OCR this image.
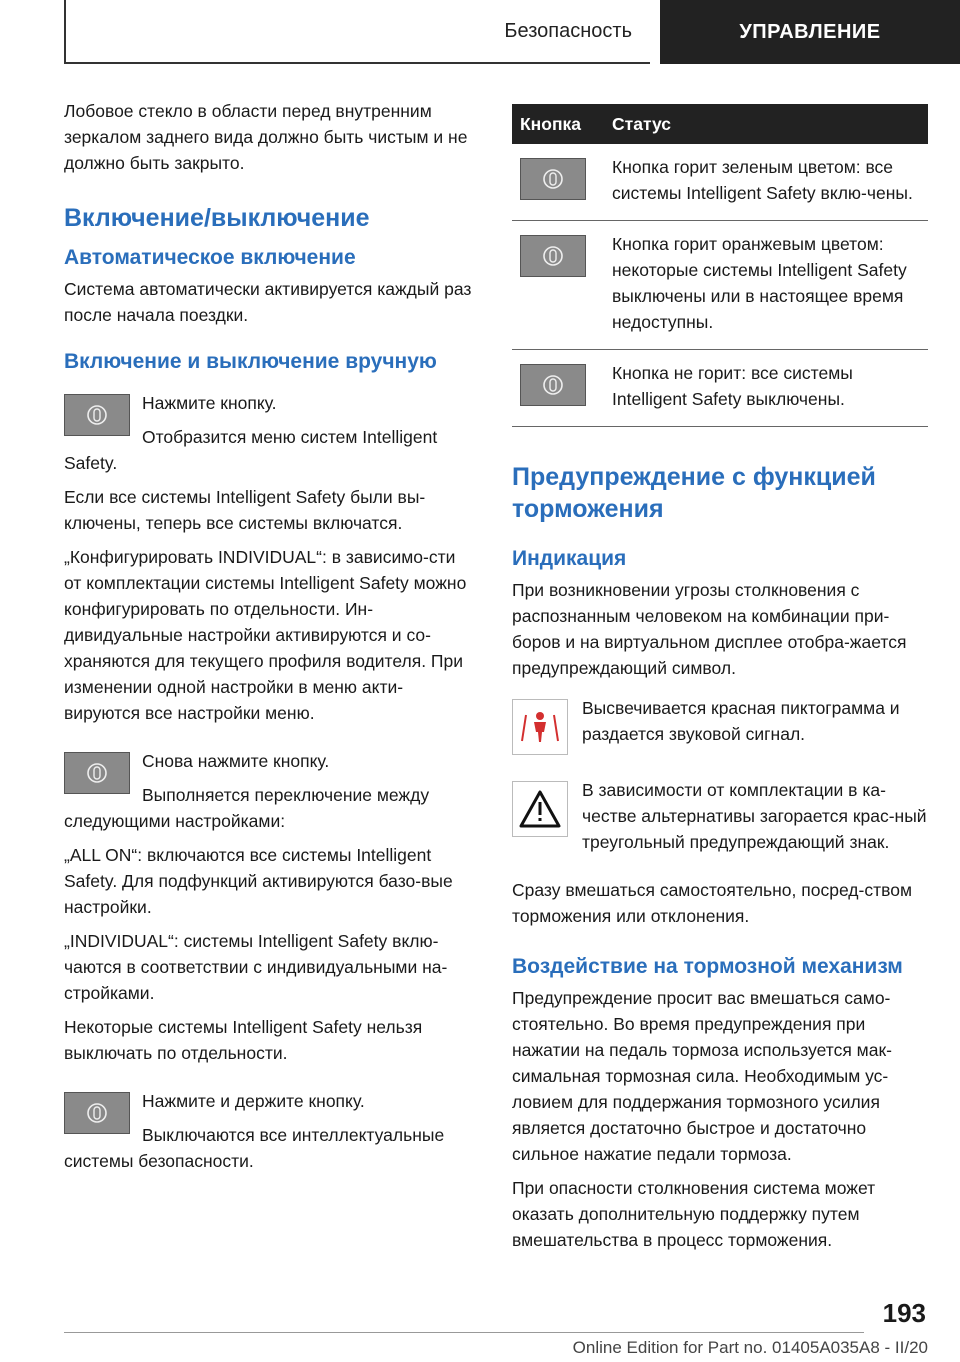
Безопасность	УПРАВЛЕНИЕ

Лобовое стекло в области перед внутренним зеркалом заднего вида должно быть чистым и не должно быть закрыто.

Включение/выключение
Автоматическое включение

Система автоматически активируется каждый раз после начала поездки.

Включение и выключение вручную

Нажмите кнопку.

Отобразится меню систем Intelligent Safety.

Если все системы Intelligent Safety были вы-ключены, теперь все системы включатся.

„Конфигурировать INDIVIDUAL“: в зависимо-сти от комплектации системы Intelligent Safety можно конфигурировать по отдельности. Ин-дивидуальные настройки активируются и со-храняются для текущего профиля водителя. При изменении одной настройки в меню акти-вируются все настройки меню.

Снова нажмите кнопку.

Выполняется переключение между следующими настройками:

„ALL ON“: включаются все системы Intelligent Safety. Для подфункций активируются базо-вые настройки.

„INDIVIDUAL“: системы Intelligent Safety вклю-чаются в соответствии с индивидуальными на-стройками.

Некоторые системы Intelligent Safety нельзя выключать по отдельности.

Нажмите и держите кнопку.

Выключаются все интеллектуальные системы безопасности.

Кнопка	Статус

	Кнопка горит зеленым цветом: все системы Intelligent Safety вклю-чены.

	Кнопка горит оранжевым цветом: некоторые системы Intelligent Safety выключены или в настоящее время недоступны.

	Кнопка не горит: все системы Intelligent Safety выключены.
Предупреждение с функцией торможения
Индикация

При возникновении угрозы столкновения с распознанным человеком на комбинации при-боров и на виртуальном дисплее отобра-жается предупреждающий символ.

Высвечивается красная пиктограмма и раздается звуковой сигнал.

В зависимости от комплектации в ка-честве альтернативы загорается крас-ный треугольный предупреждающий знак.

Сразу вмешаться самостоятельно, посред-ством торможения или отклонения.

Воздействие на тормозной механизм

Предупреждение просит вас вмешаться само-стоятельно. Во время предупреждения при нажатии на педаль тормоза используется мак-симальная тормозная сила. Необходимым ус-ловием для поддержания тормозного усилия является достаточно быстрое и достаточно сильное нажатие педали тормоза.

При опасности столкновения система может оказать дополнительную поддержку путем вмешательства в процесс торможения.

193
Online Edition for Part no. 01405A035A8 - II/20
